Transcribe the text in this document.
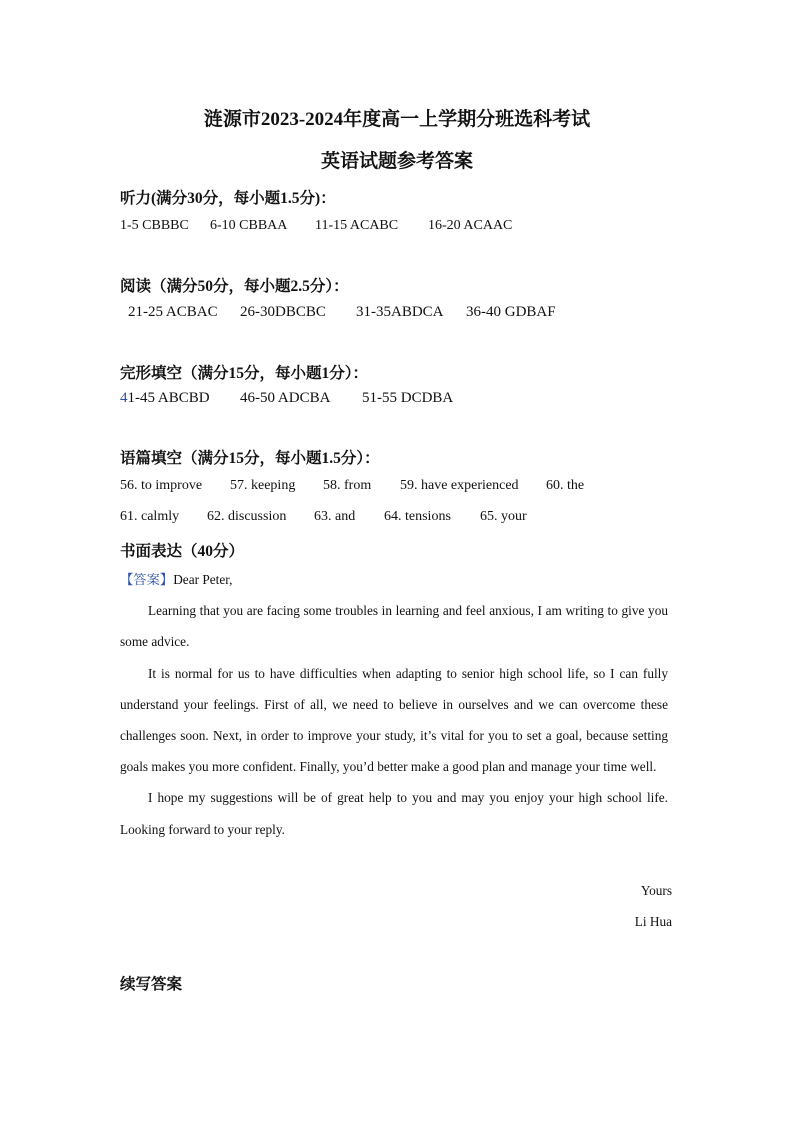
涟源市2023-2024年度高一上学期分班选科考试
英语试题参考答案
听力(满分30分，每小题1.5分)：
1-5 CBBBC 6-10 CBBAA 11-15 ACABC 16-20 ACAAC
阅读（满分50分，每小题2.5分）：
21-25 ACBAC 26-30DBCBC 31-35ABDCA 36-40 GDBAF
完形填空（满分15分，每小题1分）：
41-45 ABCBD 46-50 ADCBA 51-55 DCDBA
语篇填空（满分15分，每小题1.5分）：
56. to improve 57. keeping 58. from 59. have experienced 60. the
61. calmly 62. discussion 63. and 64. tensions 65. your
书面表达（40分）

【答案】Dear Peter,

Learning that you are facing some troubles in learning and feel anxious, I am writing to give you some advice.

It is normal for us to have difficulties when adapting to senior high school life, so I can fully understand your feelings. First of all, we need to believe in ourselves and we can overcome these challenges soon. Next, in order to improve your study, it’s vital for you to set a goal, because setting goals makes you more confident. Finally, you’d better make a good plan and manage your time well.

I hope my suggestions will be of great help to you and may you enjoy your high school life. Looking forward to your reply.

Yours
Li Hua
续写答案
